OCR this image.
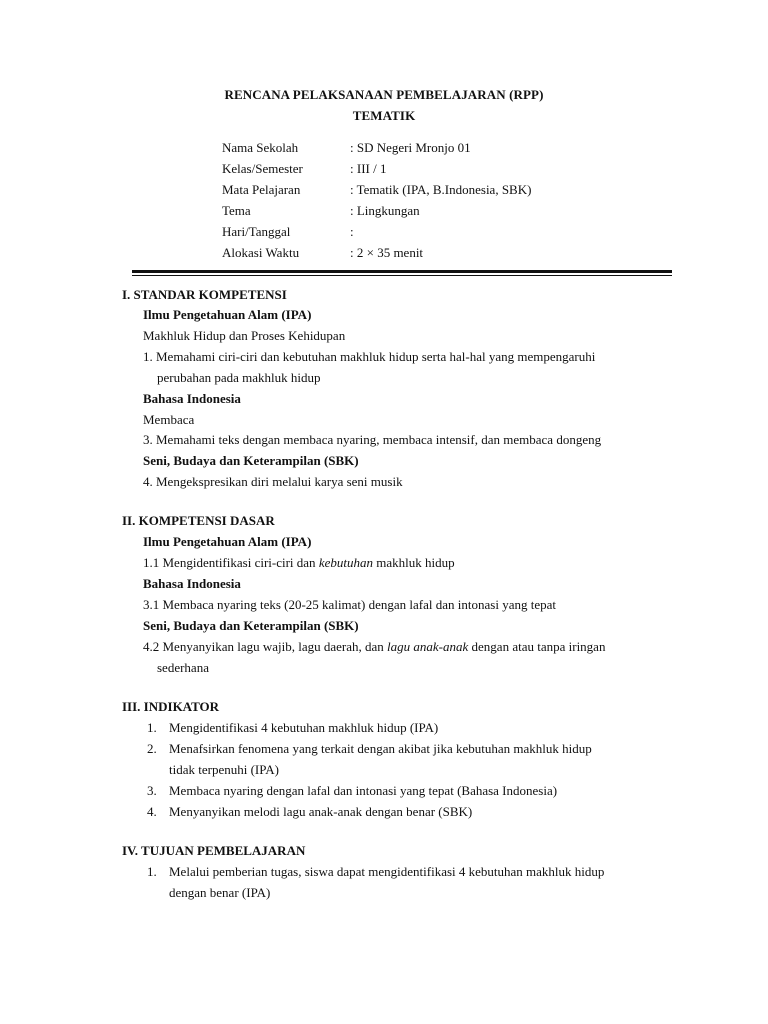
RENCANA PELAKSANAAN PEMBELAJARAN (RPP)
TEMATIK
Nama Sekolah	: SD Negeri Mronjo 01
Kelas/Semester	: III / 1
Mata Pelajaran	: Tematik (IPA, B.Indonesia, SBK)
Tema	: Lingkungan
Hari/Tanggal	:
Alokasi Waktu	: 2 × 35 menit
I. STANDAR KOMPETENSI
Ilmu Pengetahuan Alam (IPA)
Makhluk Hidup dan Proses Kehidupan
1. Memahami ciri-ciri dan kebutuhan makhluk hidup serta hal-hal yang mempengaruhi
perubahan pada makhluk hidup
Bahasa Indonesia
Membaca
3. Memahami teks dengan membaca nyaring, membaca intensif, dan membaca dongeng
Seni, Budaya dan Keterampilan (SBK)
4. Mengekspresikan diri melalui karya seni musik
II. KOMPETENSI DASAR
Ilmu Pengetahuan Alam (IPA)
1.1 Mengidentifikasi ciri-ciri dan kebutuhan makhluk hidup
Bahasa Indonesia
3.1 Membaca nyaring teks (20-25 kalimat) dengan lafal dan intonasi yang tepat
Seni, Budaya dan Keterampilan (SBK)
4.2 Menyanyikan lagu wajib, lagu daerah, dan lagu anak-anak dengan atau tanpa iringan
sederhana
III. INDIKATOR
1. Mengidentifikasi 4 kebutuhan makhluk hidup (IPA)
2. Menafsirkan fenomena yang terkait dengan akibat jika kebutuhan makhluk hidup
tidak terpenuhi (IPA)
3. Membaca nyaring dengan lafal dan intonasi yang tepat (Bahasa Indonesia)
4. Menyanyikan melodi lagu anak-anak dengan benar (SBK)
IV. TUJUAN PEMBELAJARAN
1. Melalui pemberian tugas, siswa dapat mengidentifikasi 4 kebutuhan makhluk hidup
dengan benar (IPA)
